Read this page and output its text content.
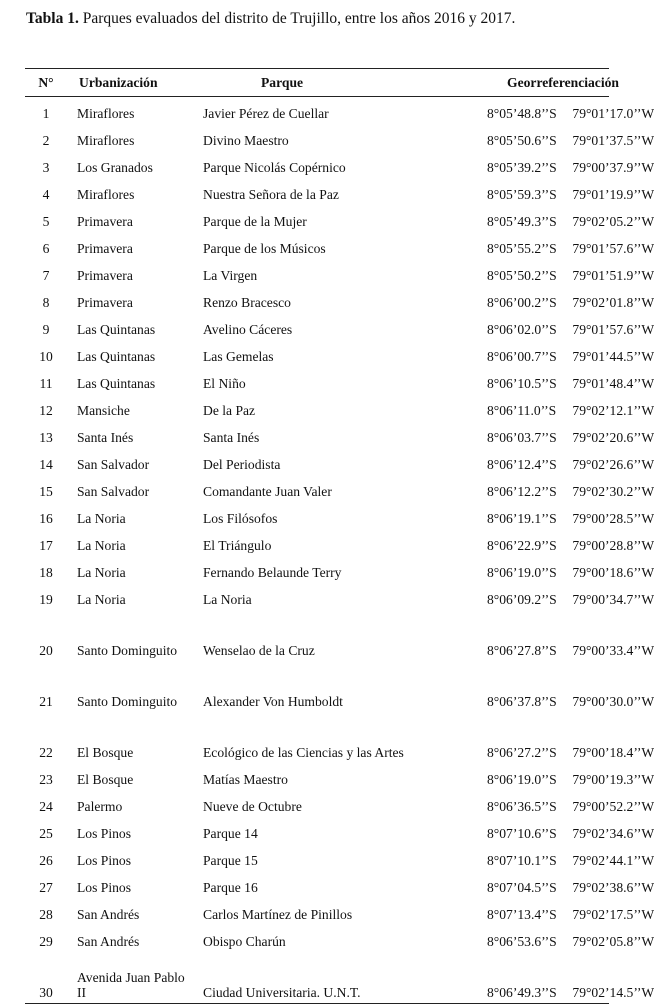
Tabla 1. Parques evaluados del distrito de Trujillo, entre los años 2016 y 2017.
N°	Urbanización	Parque	Georreferenciación
1	Miraflores	Javier Pérez de Cuellar	8°05’48.8’’S 79°01’17.0’’W
2	Miraflores	Divino Maestro	8°05’50.6’’S 79°01’37.5’’W
3	Los Granados	Parque Nicolás Copérnico	8°05’39.2’’S 79°00’37.9’’W
4	Miraflores	Nuestra Señora de la Paz	8°05’59.3’’S 79°01’19.9’’W
5	Primavera	Parque de la Mujer	8°05’49.3’’S 79°02’05.2’’W
6	Primavera	Parque de los Músicos	8°05’55.2’’S 79°01’57.6’’W
7	Primavera	La Virgen	8°05’50.2’’S 79°01’51.9’’W
8	Primavera	Renzo Bracesco	8°06’00.2’’S 79°02’01.8’’W
9	Las Quintanas	Avelino Cáceres	8°06’02.0’’S 79°01’57.6’’W
10	Las Quintanas	Las Gemelas	8°06’00.7’’S 79°01’44.5’’W
11	Las Quintanas	El Niño	8°06’10.5’’S 79°01’48.4’’W
12	Mansiche	De la Paz	8°06’11.0’’S 79°02’12.1’’W
13	Santa Inés	Santa Inés	8°06’03.7’’S 79°02’20.6’’W
14	San Salvador	Del Periodista	8°06’12.4’’S 79°02’26.6’’W
15	San Salvador	Comandante Juan Valer	8°06’12.2’’S 79°02’30.2’’W
16	La Noria	Los Filósofos	8°06’19.1’’S 79°00’28.5’’W
17	La Noria	El Triángulo	8°06’22.9’’S 79°00’28.8’’W
18	La Noria	Fernando Belaunde Terry	8°06’19.0’’S 79°00’18.6’’W
19	La Noria	La Noria	8°06’09.2’’S 79°00’34.7’’W
20	Santo Dominguito	Wenselao de la Cruz	8°06’27.8’’S 79°00’33.4’’W
21	Santo Dominguito	Alexander Von Humboldt	8°06’37.8’’S 79°00’30.0’’W
22	El Bosque	Ecológico de las Ciencias y las Artes	8°06’27.2’’S 79°00’18.4’’W
23	El Bosque	Matías Maestro	8°06’19.0’’S 79°00’19.3’’W
24	Palermo	Nueve de Octubre	8°06’36.5’’S 79°00’52.2’’W
25	Los Pinos	Parque 14	8°07’10.6’’S 79°02’34.6’’W
26	Los Pinos	Parque 15	8°07’10.1’’S 79°02’44.1’’W
27	Los Pinos	Parque 16	8°07’04.5’’S 79°02’38.6’’W
28	San Andrés	Carlos Martínez de Pinillos	8°07’13.4’’S 79°02’17.5’’W
29	San Andrés	Obispo Charún	8°06’53.6’’S 79°02’05.8’’W
30	Avenida Juan Pablo II	Ciudad Universitaria. U.N.T.	8°06’49.3’’S 79°02’14.5’’W
